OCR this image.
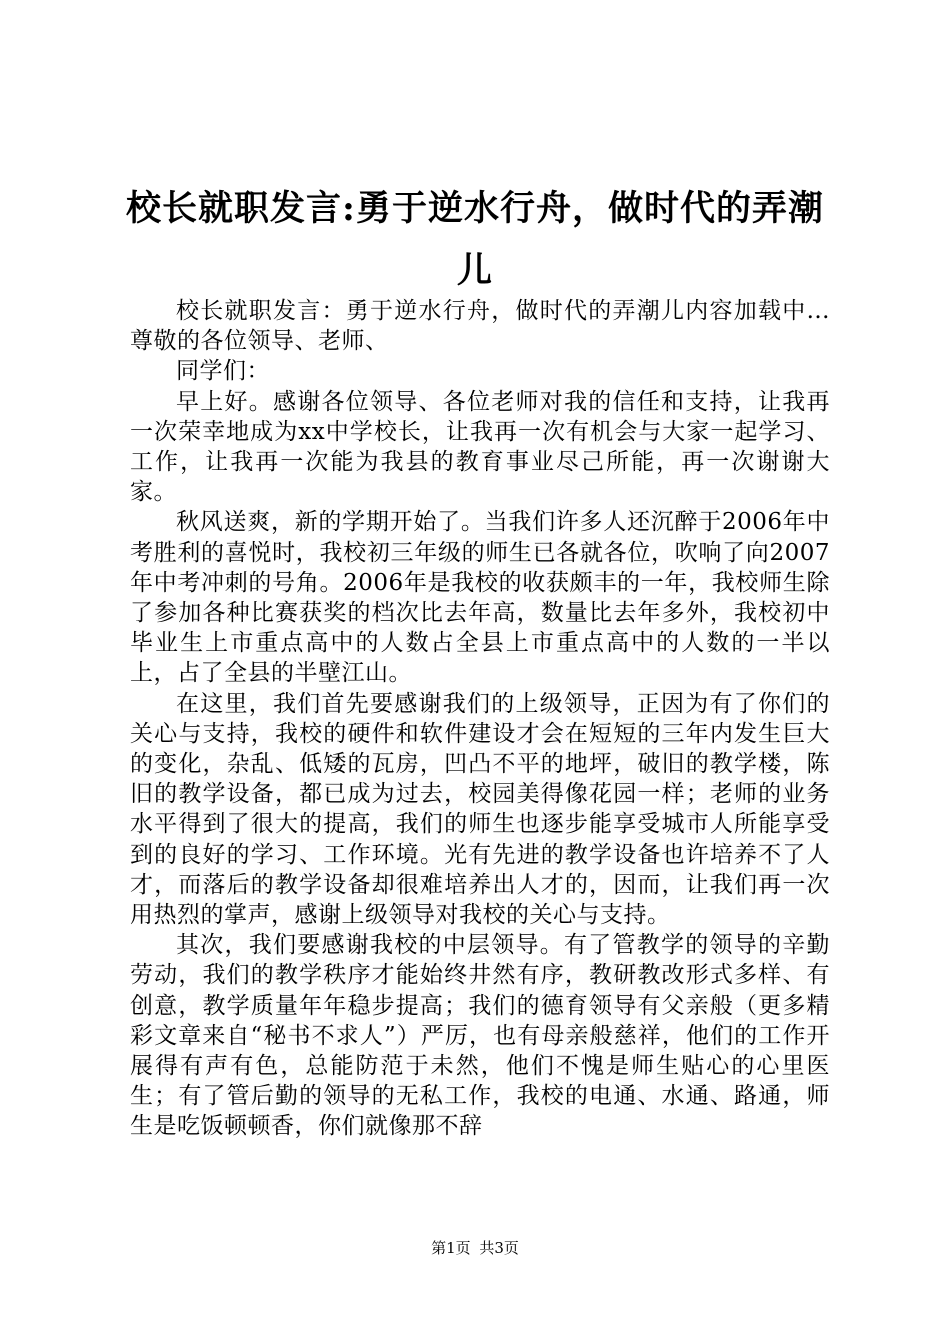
校长就职发言:勇于逆水行舟，做时代的弄潮儿

校长就职发言：勇于逆水行舟，做时代的弄潮儿内容加载中...尊敬的各位领导、老师、

同学们：

早上好。感谢各位领导、各位老师对我的信任和支持，让我再一次荣幸地成为xx中学校长，让我再一次有机会与大家一起学习、工作，让我再一次能为我县的教育事业尽己所能，再一次谢谢大家。

秋风送爽，新的学期开始了。当我们许多人还沉醉于2006年中考胜利的喜悦时，我校初三年级的师生已各就各位，吹响了向2007年中考冲刺的号角。2006年是我校的收获颇丰的一年，我校师生除了参加各种比赛获奖的档次比去年高，数量比去年多外，我校初中毕业生上市重点高中的人数占全县上市重点高中的人数的一半以上，占了全县的半壁江山。

在这里，我们首先要感谢我们的上级领导，正因为有了你们的关心与支持，我校的硬件和软件建设才会在短短的三年内发生巨大的变化，杂乱、低矮的瓦房，凹凸不平的地坪，破旧的教学楼，陈旧的教学设备，都已成为过去，校园美得像花园一样；老师的业务水平得到了很大的提高，我们的师生也逐步能享受城市人所能享受到的良好的学习、工作环境。光有先进的教学设备也许培养不了人才，而落后的教学设备却很难培养出人才的，因而，让我们再一次用热烈的掌声，感谢上级领导对我校的关心与支持。

其次，我们要感谢我校的中层领导。有了管教学的领导的辛勤劳动，我们的教学秩序才能始终井然有序，教研教改形式多样、有创意，教学质量年年稳步提高；我们的德育领导有父亲般（更多精彩文章来自“秘书不求人”）严厉，也有母亲般慈祥，他们的工作开展得有声有色，总能防范于未然，他们不愧是师生贴心的心里医生；有了管后勤的领导的无私工作，我校的电通、水通、路通，师生是吃饭顿顿香，你们就像那不辞

第1页 共3页
